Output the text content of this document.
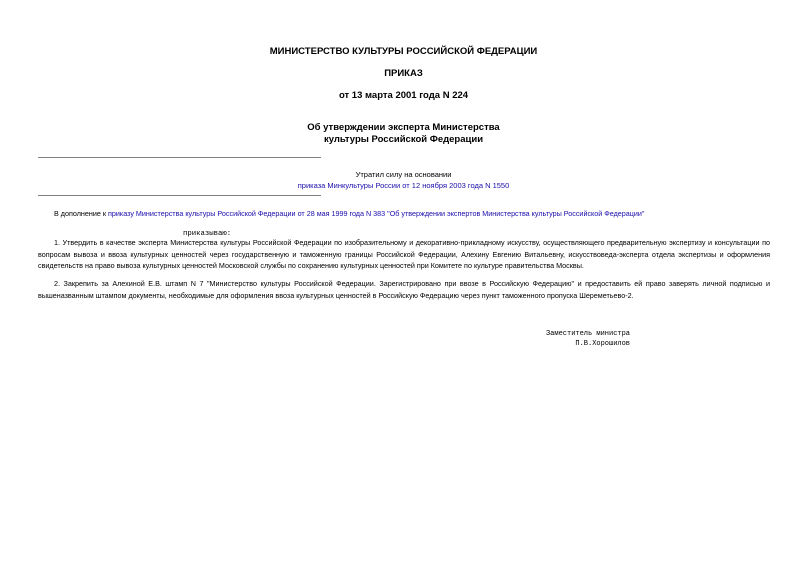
МИНИСТЕРСТВО КУЛЬТУРЫ РОССИЙСКОЙ ФЕДЕРАЦИИ
ПРИКАЗ
от 13 марта 2001 года N 224
Об утверждении эксперта Министерства
культуры Российской Федерации
Утратил силу на основании
приказа Минкультуры России от 12 ноября 2003 года N 1550

В дополнение к приказу Министерства культуры Российской Федерации от 28 мая 1999 года N 383 "Об утверждении экспертов Министерства культуры Российской Федерации"

приказываю:

1. Утвердить в качестве эксперта Министерства культуры Российской Федерации по изобразительному и декоративно-прикладному искусству, осуществляющего предварительную экспертизу и консультации по вопросам вывоза и ввоза культурных ценностей через государственную и таможенную границы Российской Федерации, Алехину Евгению Витальевну, искусствоведа-эксперта отдела экспертизы и оформления свидетельств на право вывоза культурных ценностей Московской службы по сохранению культурных ценностей при Комитете по культуре правительства Москвы.

2. Закрепить за Алехиной Е.В. штамп N 7 "Министерство культуры Российской Федерации. Зарегистрировано при ввозе в Российскую Федерацию" и предоставить ей право заверять личной подписью и вышеназванным штампом документы, необходимые для оформления ввоза культурных ценностей в Российскую Федерацию через пункт таможенного пропуска Шереметьево-2.

Заместитель министра
П.В.Хорошилов
